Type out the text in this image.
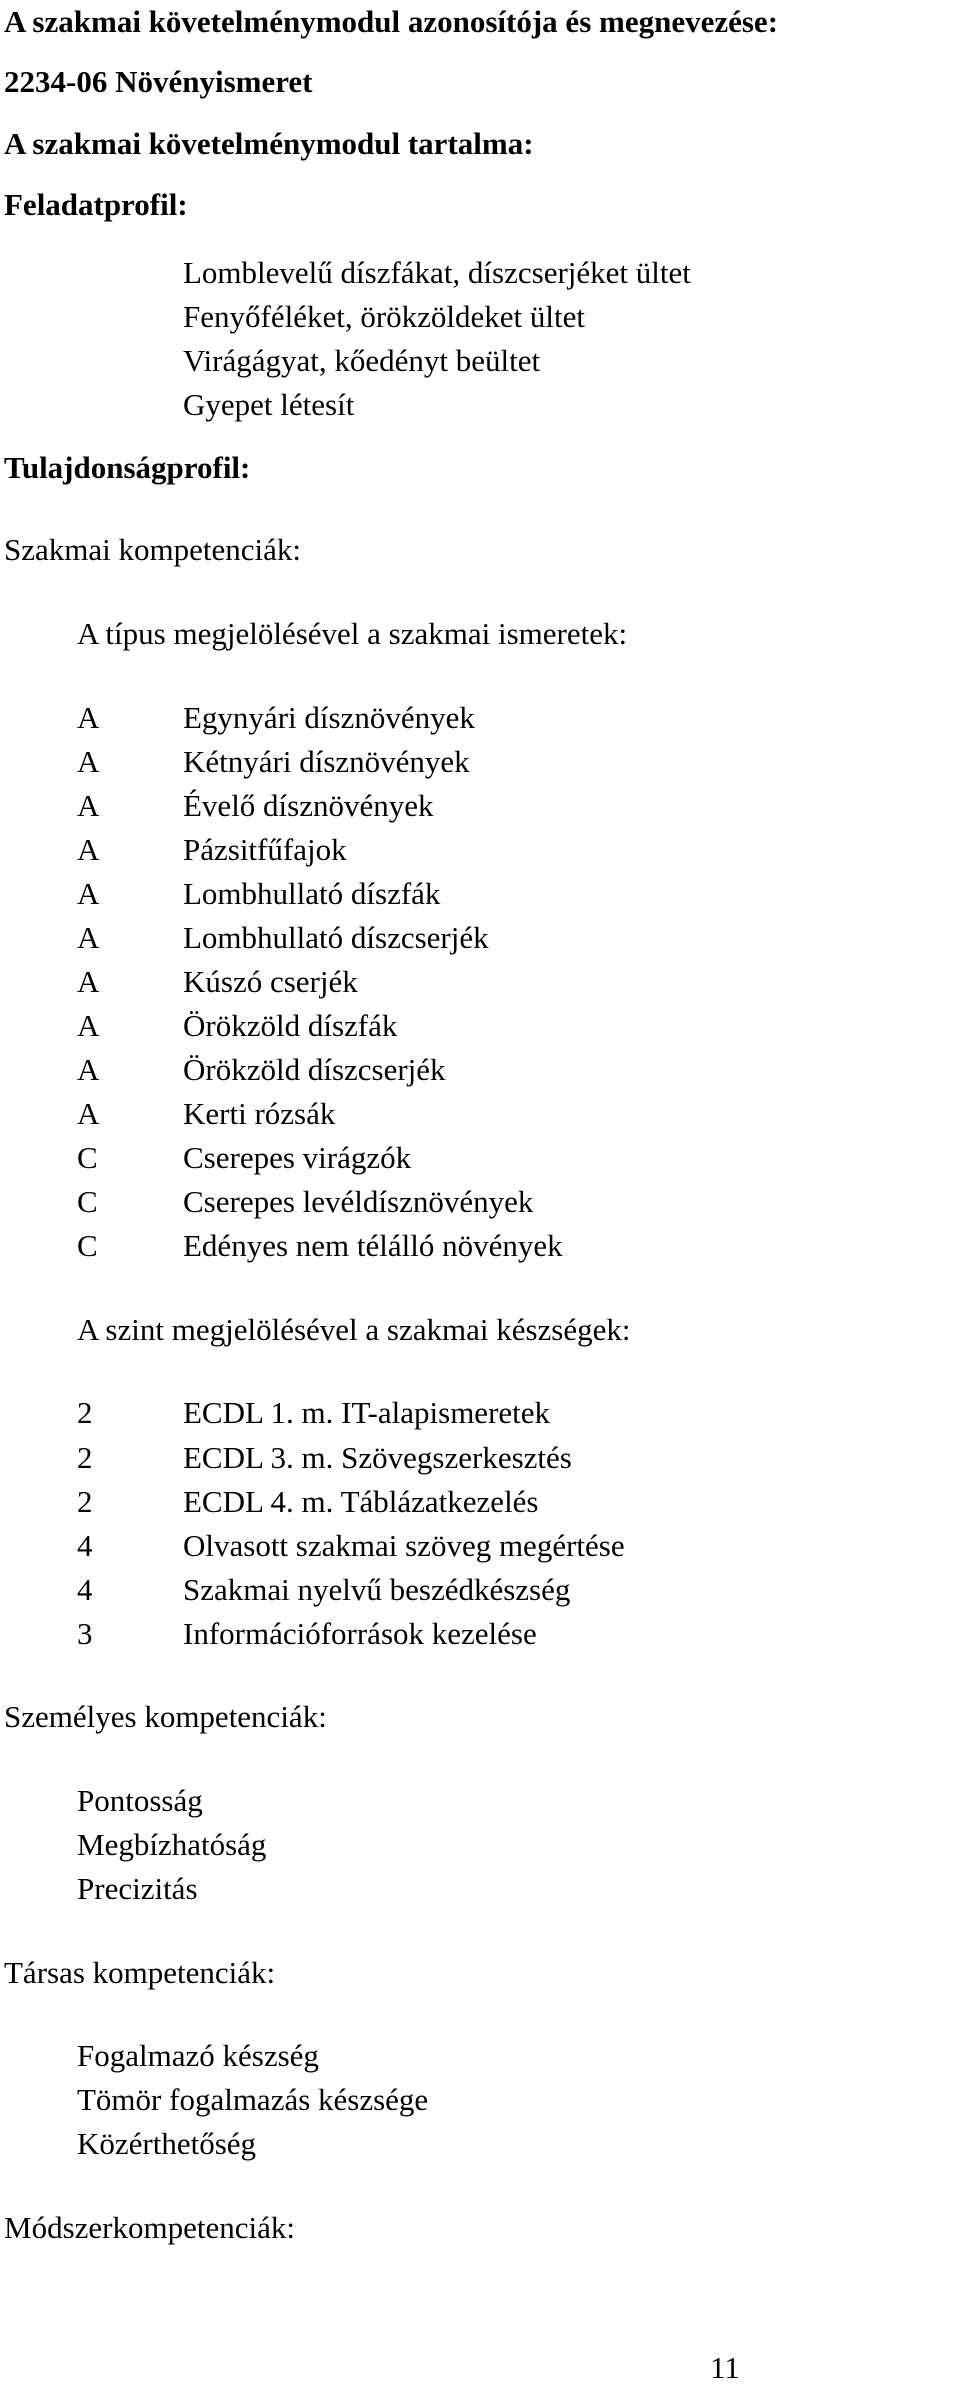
A szakmai követelménymodul azonosítója és megnevezése:
2234-06 Növényismeret
A szakmai követelménymodul tartalma:
Feladatprofil:
Lomblevelű díszfákat, díszcserjéket ültet
Fenyőféléket, örökzöldeket ültet
Virágágyat, kőedényt beültet
Gyepet létesít
Tulajdonságprofil:
Szakmai kompetenciák:
A típus megjelölésével a szakmai ismeretek:
A	Egynyári dísznövények
A	Kétnyári dísznövények
A	Évelő dísznövények
A	Pázsitfűfajok
A	Lombhullató díszfák
A	Lombhullató díszcserjék
A	Kúszó cserjék
A	Örökzöld díszfák
A	Örökzöld díszcserjék
A	Kerti rózsák
C	Cserepes virágzók
C	Cserepes levéldísznövények
C	Edényes nem télálló növények
A szint megjelölésével a szakmai készségek:
2	ECDL 1. m. IT-alapismeretek
2	ECDL 3. m. Szövegszerkesztés
2	ECDL 4. m. Táblázatkezelés
4	Olvasott szakmai szöveg megértése
4	Szakmai nyelvű beszédkészség
3	Információforrások kezelése
Személyes kompetenciák:
Pontosság
Megbízhatóság
Precizitás
Társas kompetenciák:
Fogalmazó készség
Tömör fogalmazás készsége
Közérthetőség
Módszerkompetenciák:
11
